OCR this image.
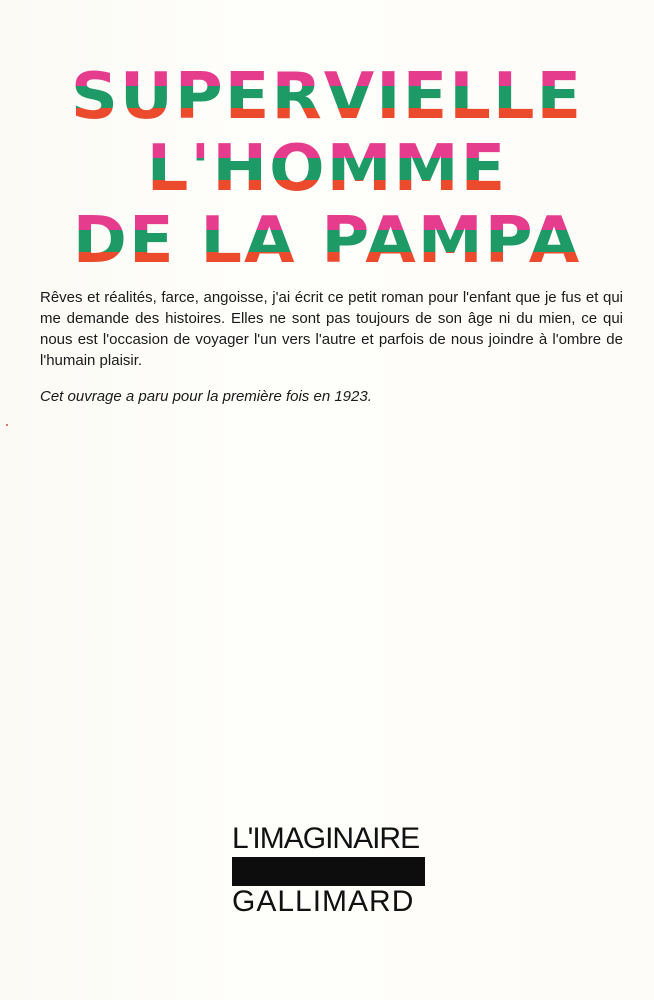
SUPERVIELLE
L'HOMME
DE LA PAMPA

Rêves et réalités, farce, angoisse, j'ai écrit ce petit roman pour l'enfant que je fus et qui me demande des histoires. Elles ne sont pas toujours de son âge ni du mien, ce qui nous est l'occasion de voyager l'un vers l'autre et parfois de nous joindre à l'ombre de l'humain plaisir.

Cet ouvrage a paru pour la première fois en 1923.

L'IMAGINAIRE
GALLIMARD
